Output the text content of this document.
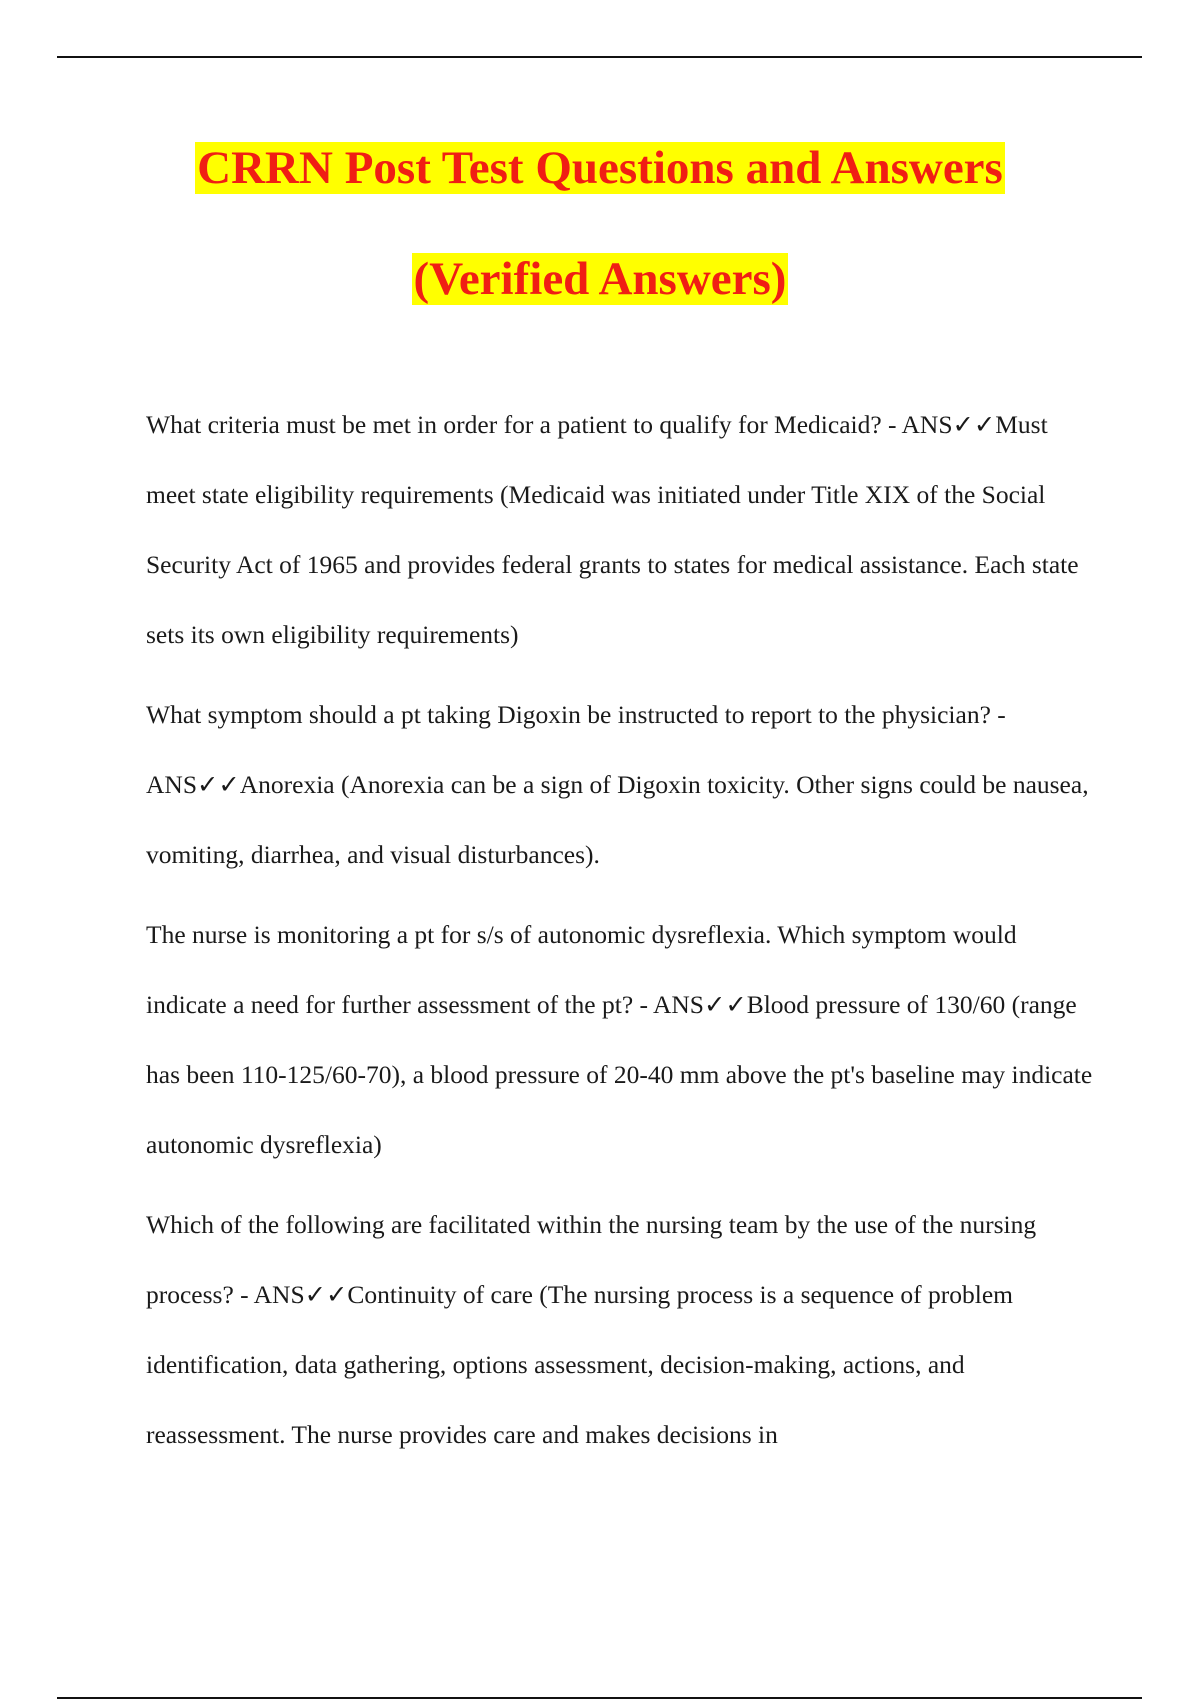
CRRN Post Test Questions and Answers
(Verified Answers)

What criteria must be met in order for a patient to qualify for Medicaid? - ANS✓✓Must meet state eligibility requirements (Medicaid was initiated under Title XIX of the Social Security Act of 1965 and provides federal grants to states for medical assistance. Each state sets its own eligibility requirements)

What symptom should a pt taking Digoxin be instructed to report to the physician? - ANS✓✓Anorexia (Anorexia can be a sign of Digoxin toxicity. Other signs could be nausea, vomiting, diarrhea, and visual disturbances).

The nurse is monitoring a pt for s/s of autonomic dysreflexia. Which symptom would indicate a need for further assessment of the pt? - ANS✓✓Blood pressure of 130/60 (range has been 110-125/60-70), a blood pressure of 20-40 mm above the pt's baseline may indicate autonomic dysreflexia)

Which of the following are facilitated within the nursing team by the use of the nursing process? - ANS✓✓Continuity of care (The nursing process is a sequence of problem identification, data gathering, options assessment, decision-making, actions, and reassessment. The nurse provides care and makes decisions in
